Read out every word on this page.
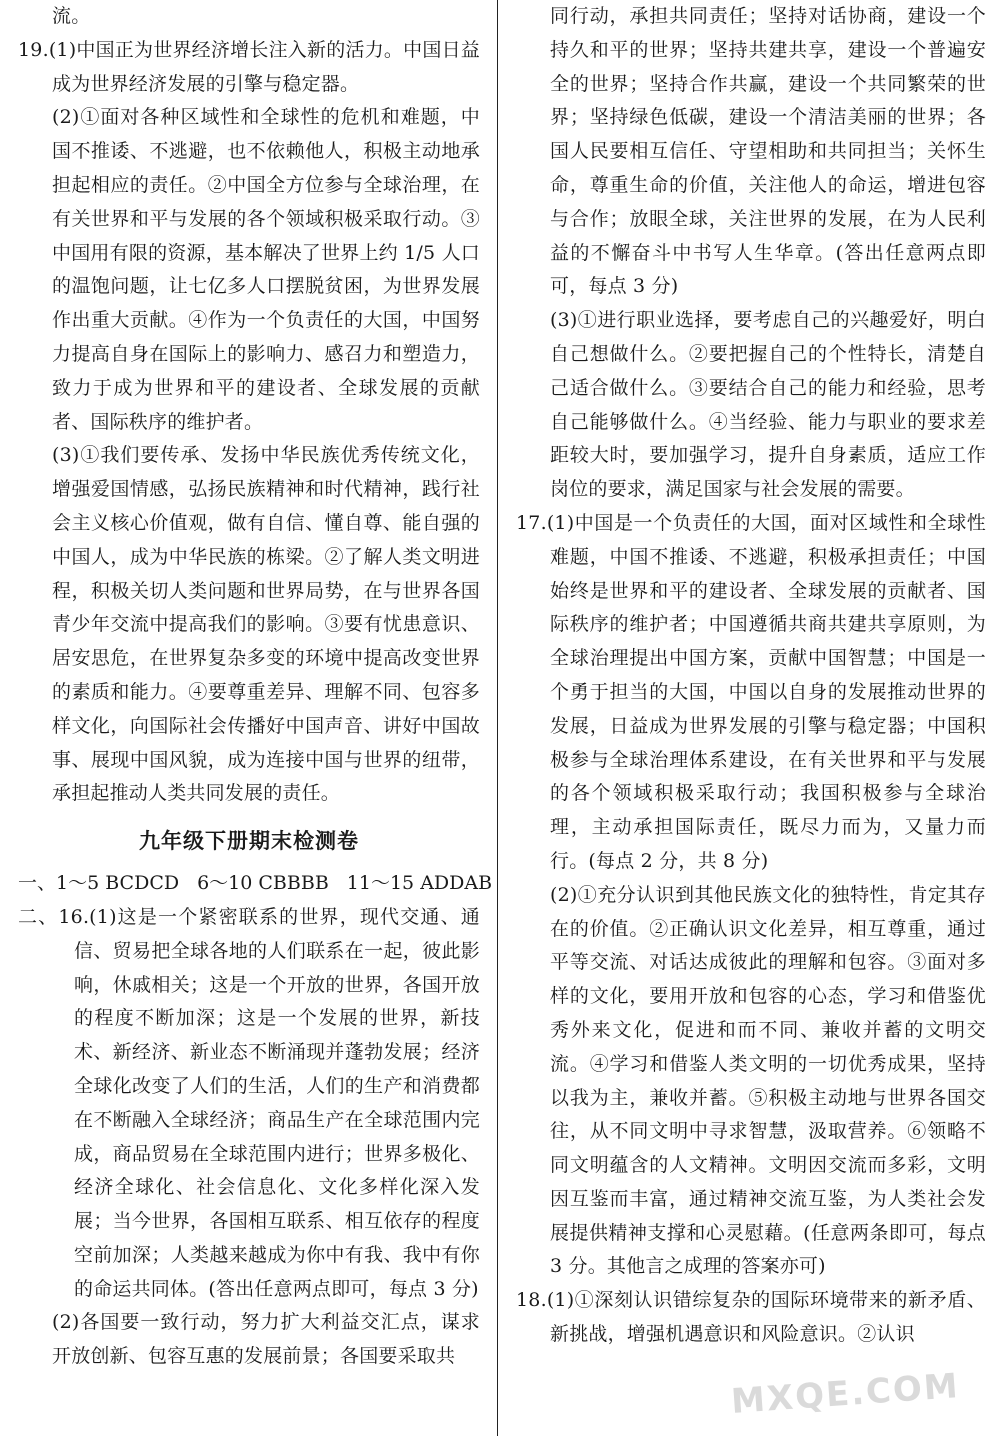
流。

19.(1)中国正为世界经济增长注入新的活力。中国日益成为世界经济发展的引擎与稳定器。

(2)①面对各种区域性和全球性的危机和难题，中国不推诿、不逃避，也不依赖他人，积极主动地承担起相应的责任。②中国全方位参与全球治理，在有关世界和平与发展的各个领域积极采取行动。③中国用有限的资源，基本解决了世界上约 1/5 人口的温饱问题，让七亿多人口摆脱贫困，为世界发展作出重大贡献。④作为一个负责任的大国，中国努力提高自身在国际上的影响力、感召力和塑造力，致力于成为世界和平的建设者、全球发展的贡献者、国际秩序的维护者。

(3)①我们要传承、发扬中华民族优秀传统文化，增强爱国情感，弘扬民族精神和时代精神，践行社会主义核心价值观，做有自信、懂自尊、能自强的中国人，成为中华民族的栋梁。②了解人类文明进程，积极关切人类问题和世界局势，在与世界各国青少年交流中提高我们的影响。③要有忧患意识、居安思危，在世界复杂多变的环境中提高改变世界的素质和能力。④要尊重差异、理解不同、包容多样文化，向国际社会传播好中国声音、讲好中国故事、展现中国风貌，成为连接中国与世界的纽带，承担起推动人类共同发展的责任。

九年级下册期末检测卷

一、1～5 BCDCD 6～10 CBBBB 11～15 ADDAB

二、16.(1)这是一个紧密联系的世界，现代交通、通信、贸易把全球各地的人们联系在一起，彼此影响，休戚相关；这是一个开放的世界，各国开放的程度不断加深；这是一个发展的世界，新技术、新经济、新业态不断涌现并蓬勃发展；经济全球化改变了人们的生活，人们的生产和消费都在不断融入全球经济；商品生产在全球范围内完成，商品贸易在全球范围内进行；世界多极化、经济全球化、社会信息化、文化多样化深入发展；当今世界，各国相互联系、相互依存的程度空前加深；人类越来越成为你中有我、我中有你的命运共同体。(答出任意两点即可，每点 3 分)

(2)各国要一致行动，努力扩大利益交汇点，谋求开放创新、包容互惠的发展前景；各国要采取共

同行动，承担共同责任；坚持对话协商，建设一个持久和平的世界；坚持共建共享，建设一个普遍安全的世界；坚持合作共赢，建设一个共同繁荣的世界；坚持绿色低碳，建设一个清洁美丽的世界；各国人民要相互信任、守望相助和共同担当；关怀生命，尊重生命的价值，关注他人的命运，增进包容与合作；放眼全球，关注世界的发展，在为人民利益的不懈奋斗中书写人生华章。(答出任意两点即可，每点 3 分)

(3)①进行职业选择，要考虑自己的兴趣爱好，明白自己想做什么。②要把握自己的个性特长，清楚自己适合做什么。③要结合自己的能力和经验，思考自己能够做什么。④当经验、能力与职业的要求差距较大时，要加强学习，提升自身素质，适应工作岗位的要求，满足国家与社会发展的需要。

17.(1)中国是一个负责任的大国，面对区域性和全球性难题，中国不推诿、不逃避，积极承担责任；中国始终是世界和平的建设者、全球发展的贡献者、国际秩序的维护者；中国遵循共商共建共享原则，为全球治理提出中国方案，贡献中国智慧；中国是一个勇于担当的大国，中国以自身的发展推动世界的发展，日益成为世界发展的引擎与稳定器；中国积极参与全球治理体系建设，在有关世界和平与发展的各个领域积极采取行动；我国积极参与全球治理，主动承担国际责任，既尽力而为，又量力而行。(每点 2 分，共 8 分)

(2)①充分认识到其他民族文化的独特性，肯定其存在的价值。②正确认识文化差异，相互尊重，通过平等交流、对话达成彼此的理解和包容。③面对多样的文化，要用开放和包容的心态，学习和借鉴优秀外来文化，促进和而不同、兼收并蓄的文明交流。④学习和借鉴人类文明的一切优秀成果，坚持以我为主，兼收并蓄。⑤积极主动地与世界各国交往，从不同文明中寻求智慧，汲取营养。⑥领略不同文明蕴含的人文精神。文明因交流而多彩，文明因互鉴而丰富，通过精神交流互鉴，为人类社会发展提供精神支撑和心灵慰藉。(任意两条即可，每点 3 分。其他言之成理的答案亦可)

18.(1)①深刻认识错综复杂的国际环境带来的新矛盾、新挑战，增强机遇意识和风险意识。②认识

MXQE.COM
